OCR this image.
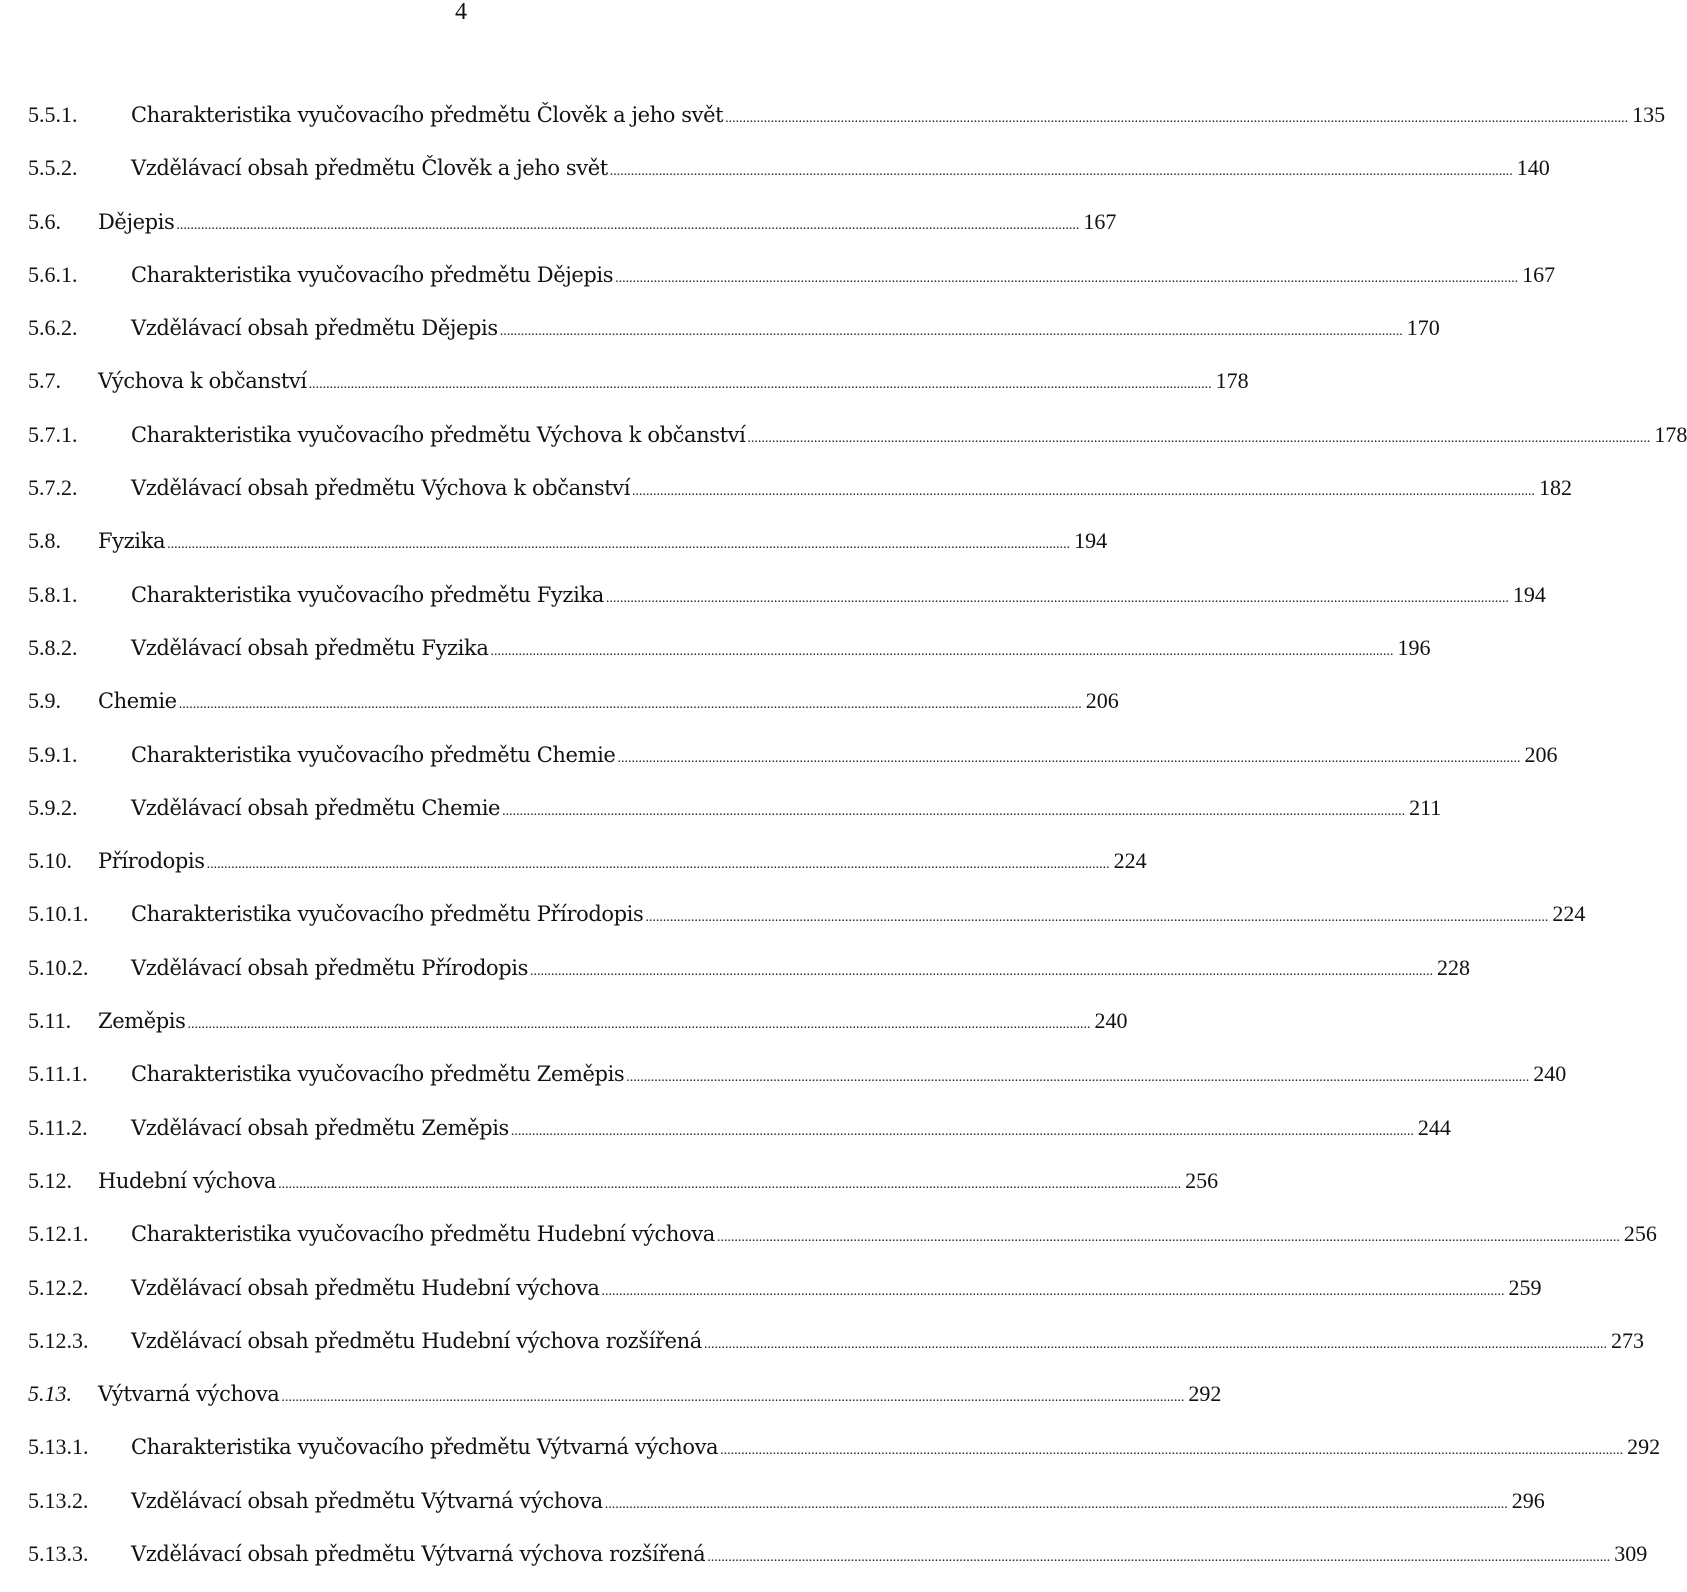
4
5.5.1.	Charakteristika vyučovacího předmětu Člověk a jeho svět .....	135
5.5.2.	Vzdělávací obsah předmětu Člověk a jeho svět .....	140
5.6.	Dějepis .....	167
5.6.1.	Charakteristika vyučovacího předmětu Dějepis .....	167
5.6.2.	Vzdělávací obsah předmětu Dějepis .....	170
5.7.	Výchova k občanství .....	178
5.7.1.	Charakteristika vyučovacího předmětu Výchova k občanství .....	178
5.7.2.	Vzdělávací obsah předmětu Výchova k občanství .....	182
5.8.	Fyzika .....	194
5.8.1.	Charakteristika vyučovacího předmětu Fyzika .....	194
5.8.2.	Vzdělávací obsah předmětu Fyzika .....	196
5.9.	Chemie .....	206
5.9.1.	Charakteristika vyučovacího předmětu Chemie .....	206
5.9.2.	Vzdělávací obsah předmětu Chemie .....	211
5.10.	Přírodopis .....	224
5.10.1.	Charakteristika vyučovacího předmětu Přírodopis .....	224
5.10.2.	Vzdělávací obsah předmětu Přírodopis .....	228
5.11.	Zeměpis .....	240
5.11.1.	Charakteristika vyučovacího předmětu Zeměpis .....	240
5.11.2.	Vzdělávací obsah předmětu Zeměpis .....	244
5.12.	Hudební výchova .....	256
5.12.1.	Charakteristika vyučovacího předmětu Hudební výchova .....	256
5.12.2.	Vzdělávací obsah předmětu Hudební výchova .....	259
5.12.3.	Vzdělávací obsah předmětu Hudební výchova rozšířená .....	273
5.13.	Výtvarná výchova .....	292
5.13.1.	Charakteristika vyučovacího předmětu Výtvarná výchova .....	292
5.13.2.	Vzdělávací obsah předmětu Výtvarná výchova .....	296
5.13.3.	Vzdělávací obsah předmětu Výtvarná výchova rozšířená .....	309
